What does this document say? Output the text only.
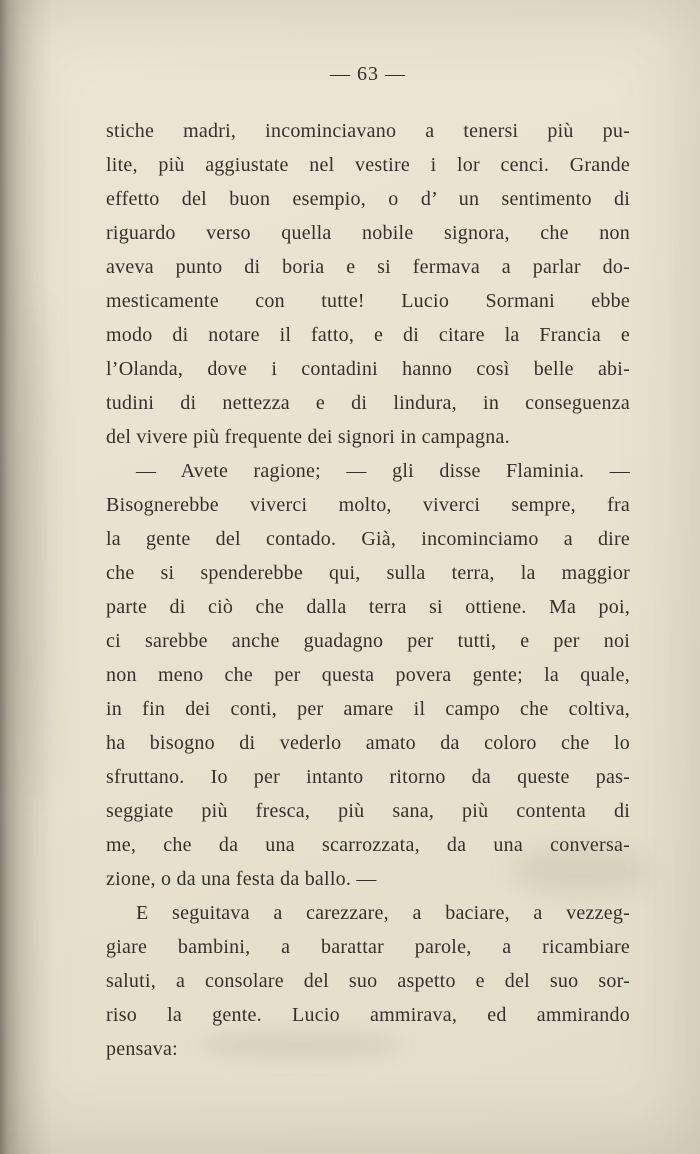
— 63 —
stiche madri, incominciavano a tenersi più pu-
lite, più aggiustate nel vestire i lor cenci. Grande
effetto del buon esempio, o d’ un sentimento di
riguardo verso quella nobile signora, che non
aveva punto di boria e si fermava a parlar do-
mesticamente con tutte! Lucio Sormani ebbe
modo di notare il fatto, e di citare la Francia e
l’Olanda, dove i contadini hanno così belle abi-
tudini di nettezza e di lindura, in conseguenza
del vivere più frequente dei signori in campagna.
— Avete ragione; — gli disse Flaminia. —
Bisognerebbe viverci molto, viverci sempre, fra
la gente del contado. Già, incominciamo a dire
che si spenderebbe qui, sulla terra, la maggior
parte di ciò che dalla terra si ottiene. Ma poi,
ci sarebbe anche guadagno per tutti, e per noi
non meno che per questa povera gente; la quale,
in fin dei conti, per amare il campo che coltiva,
ha bisogno di vederlo amato da coloro che lo
sfruttano. Io per intanto ritorno da queste pas-
seggiate più fresca, più sana, più contenta di
me, che da una scarrozzata, da una conversa-
zione, o da una festa da ballo. —
E seguitava a carezzare, a baciare, a vezzeg-
giare bambini, a barattar parole, a ricambiare
saluti, a consolare del suo aspetto e del suo sor-
riso la gente. Lucio ammirava, ed ammirando
pensava:
